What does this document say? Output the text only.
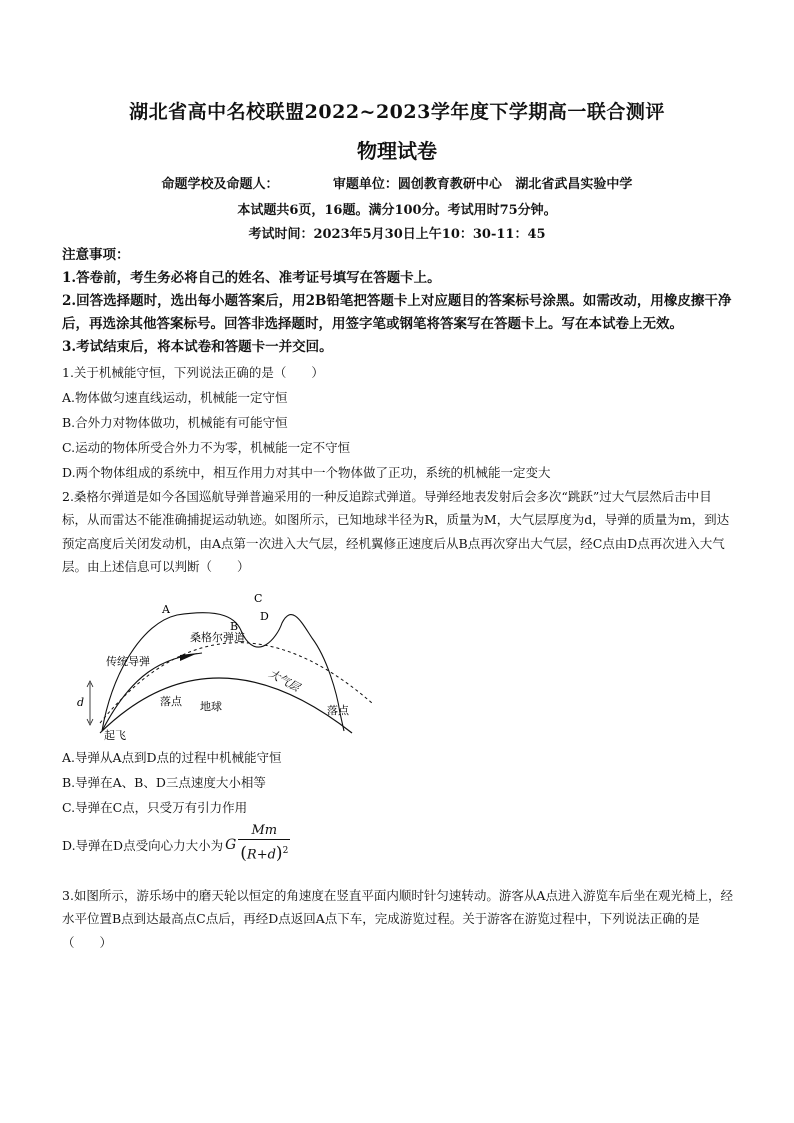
湖北省高中名校联盟2022~2023学年度下学期高一联合测评
物理试卷
命题学校及命题人：            审题单位：圆创教育教研中心   湖北省武昌实验中学
本试题共6页，16题。满分100分。考试用时75分钟。
考试时间：2023年5月30日上午10：30-11：45
注意事项：
1.答卷前，考生务必将自己的姓名、准考证号填写在答题卡上。
2.回答选择题时，选出每小题答案后，用2B铅笔把答题卡上对应题目的答案标号涂黑。如需改动，用橡皮擦干净后，再选涂其他答案标号。回答非选择题时，用签字笔或钢笔将答案写在答题卡上。写在本试卷上无效。
3.考试结束后，将本试卷和答题卡一并交回。
1.关于机械能守恒，下列说法正确的是（　　）
A.物体做匀速直线运动，机械能一定守恒
B.合外力对物体做功，机械能有可能守恒
C.运动的物体所受合外力不为零，机械能一定不守恒
D.两个物体组成的系统中，相互作用力对其中一个物体做了正功，系统的机械能一定变大
2.桑格尔弹道是如今各国巡航导弹普遍采用的一种反追踪式弹道。导弹经地表发射后会多次“跳跃”过大气层然后击中目标，从而雷达不能准确捕捉运动轨迹。如图所示，已知地球半径为R，质量为M，大气层厚度为d，导弹的质量为m，到达预定高度后关闭发动机，由A点第一次进入大气层，经机翼修正速度后从B点再次穿出大气层，经C点由D点再次进入大气层。由上述信息可以判断（　　）
A
B
C
D
桑格尔弹道
传统导弹
大气层
落点 地球	落点
d
起飞
A.导弹从A点到D点的过程中机械能守恒
B.导弹在A、B、D三点速度大小相等
C.导弹在C点，只受万有引力作用
D.导弹在D点受向心力大小为 G $\frac{Mm}{(R+d)^2}$
3.如图所示，游乐场中的磨天轮以恒定的角速度在竖直平面内顺时针匀速转动。游客从A点进入游览车后坐在观光椅上，经水平位置B点到达最高点C点后，再经D点返回A点下车，完成游览过程。关于游客在游览过程中，下列说法正确的是（　　）
